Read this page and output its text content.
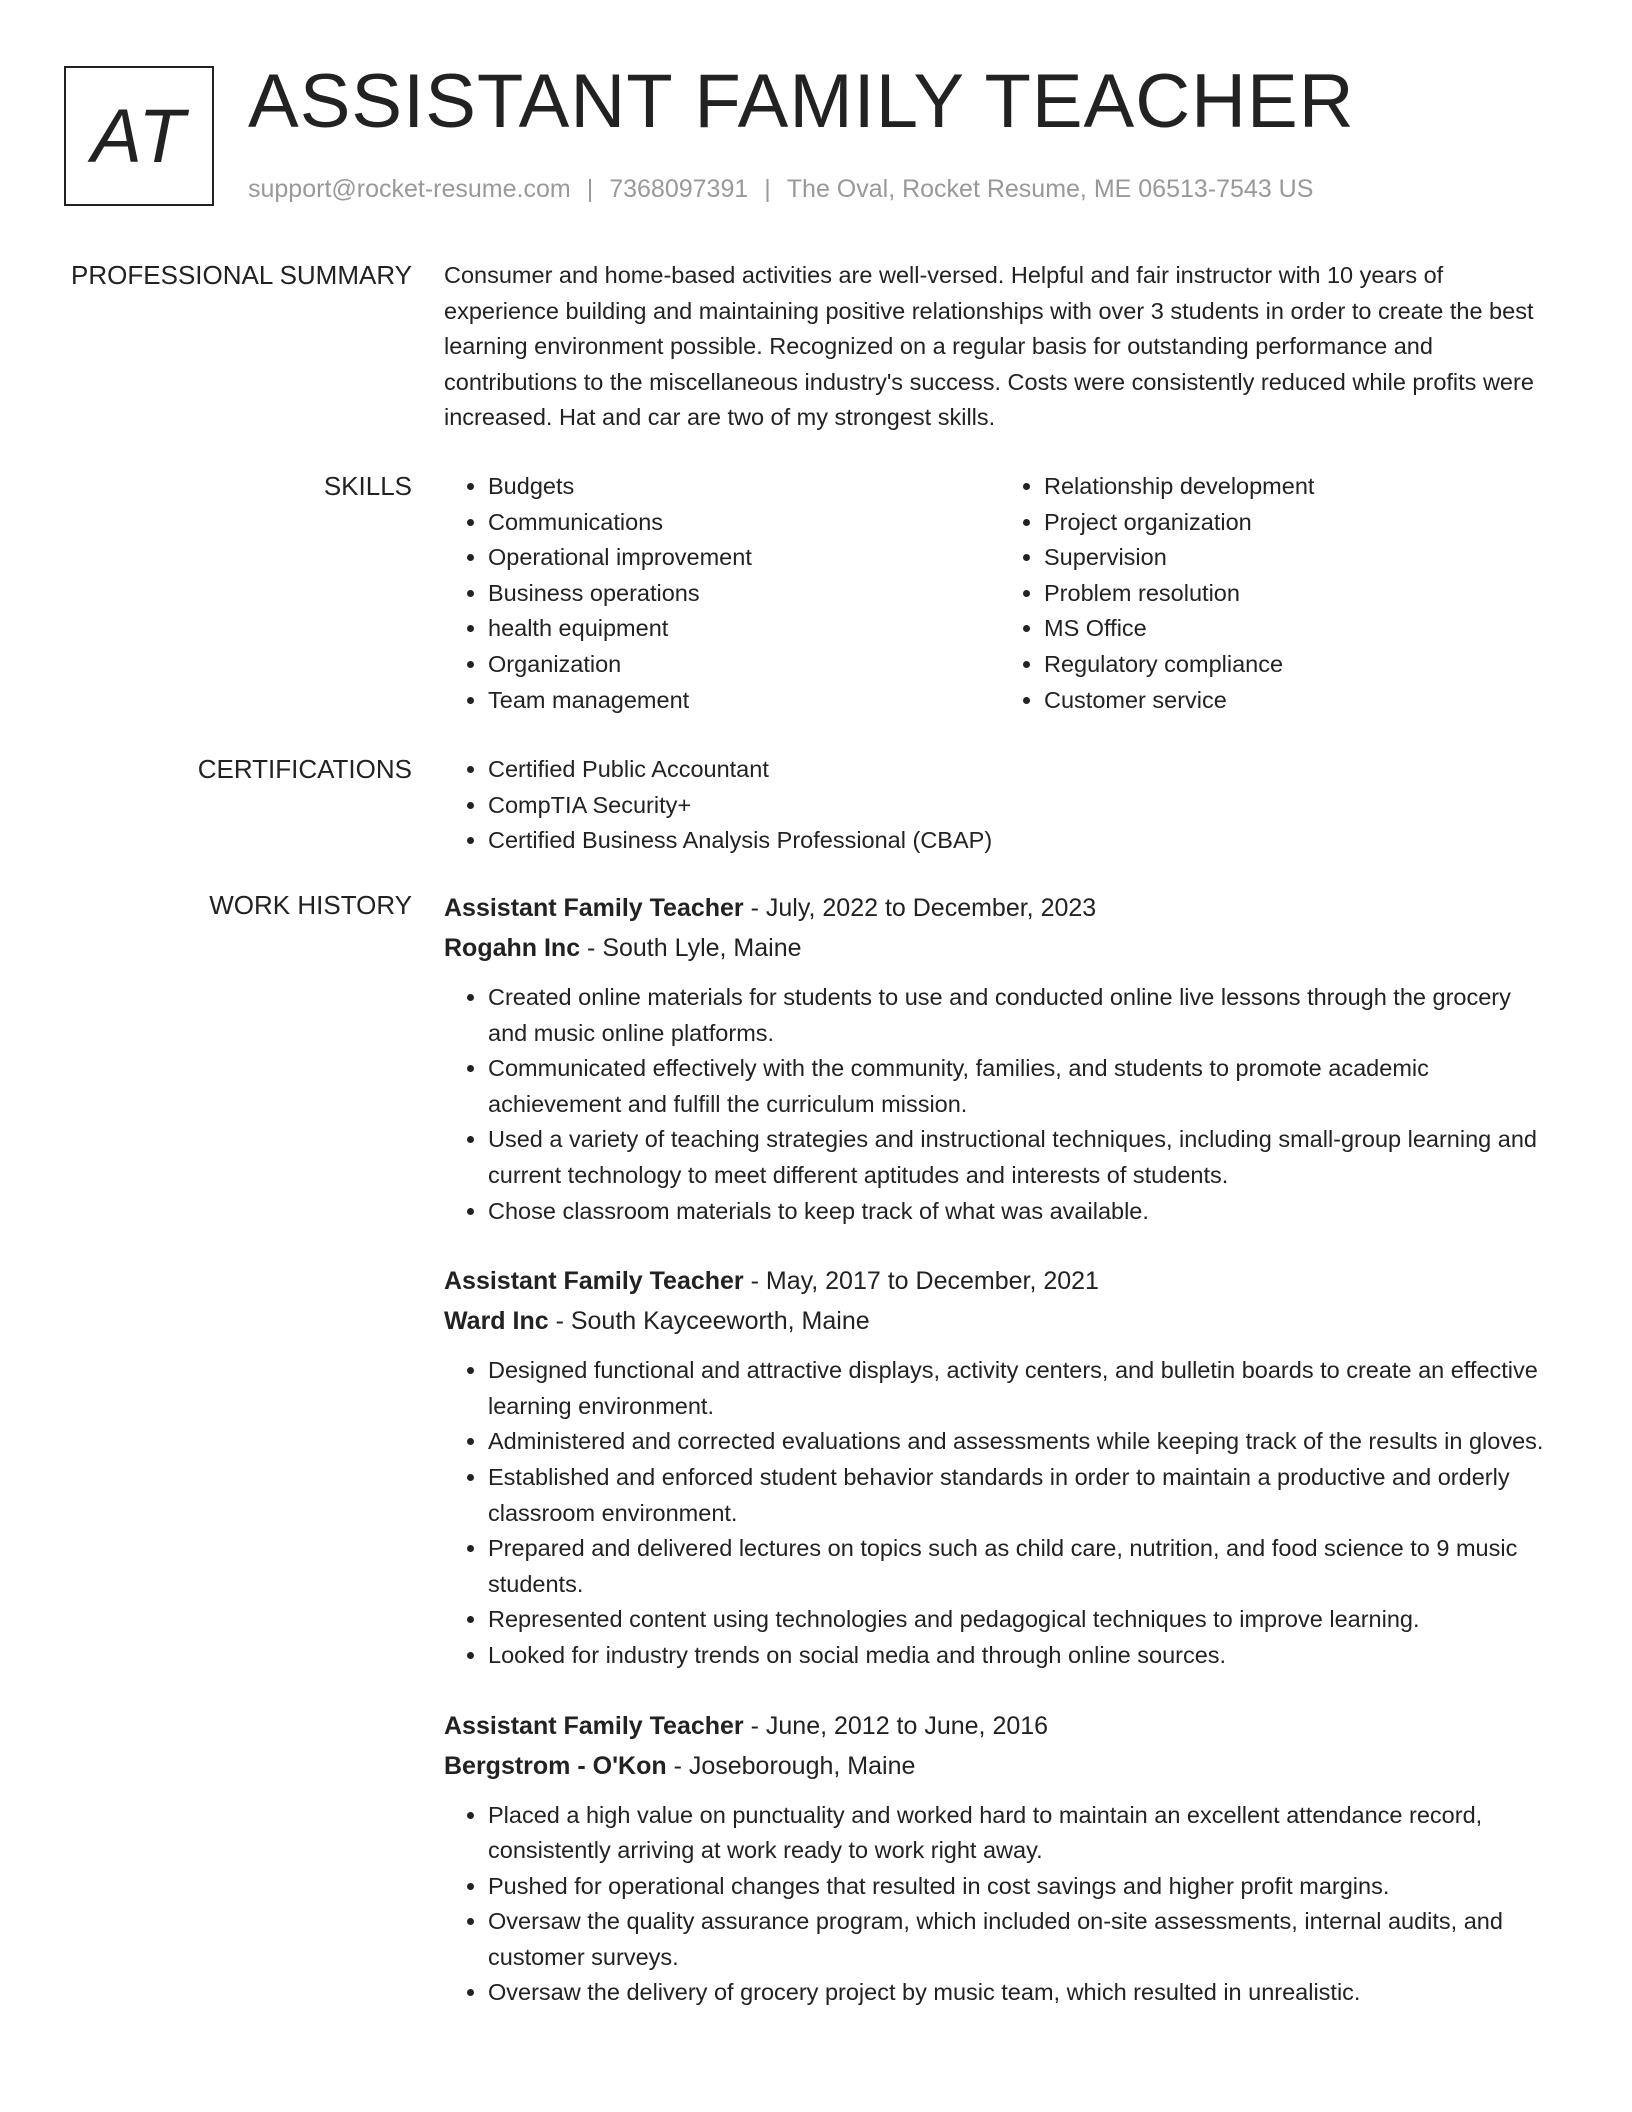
AT ASSISTANT FAMILY TEACHER
support@rocket-resume.com | 7368097391 | The Oval, Rocket Resume, ME 06513-7543 US
PROFESSIONAL SUMMARY Consumer and home-based activities are well-versed. Helpful and fair instructor with 10 years of experience building and maintaining positive relationships with over 3 students in order to create the best learning environment possible. Recognized on a regular basis for outstanding performance and contributions to the miscellaneous industry's success. Costs were consistently reduced while profits were increased. Hat and car are two of my strongest skills.

SKILLS	• Budgets
• Communications
• Operational improvement
• Business operations
• health equipment
• Organization
• Team management
• Relationship development
• Project organization
• Supervision
• Problem resolution
• MS Office
• Regulatory compliance
• Customer service
CERTIFICATIONS	• Certified Public Accountant
• CompTIA Security+
• Certified Business Analysis Professional (CBAP)
WORK HISTORY Assistant Family Teacher - July, 2022 to December, 2023
Rogahn Inc - South Lyle, Maine
• Created online materials for students to use and conducted online live lessons through the grocery and music online platforms.
• Communicated effectively with the community, families, and students to promote academic achievement and fulfill the curriculum mission.
• Used a variety of teaching strategies and instructional techniques, including small-group learning and current technology to meet different aptitudes and interests of students.
• Chose classroom materials to keep track of what was available.
Assistant Family Teacher - May, 2017 to December, 2021
Ward Inc - South Kayceeworth, Maine
• Designed functional and attractive displays, activity centers, and bulletin boards to create an effective learning environment.
• Administered and corrected evaluations and assessments while keeping track of the results in gloves.
• Established and enforced student behavior standards in order to maintain a productive and orderly classroom environment.
• Prepared and delivered lectures on topics such as child care, nutrition, and food science to 9 music students.
• Represented content using technologies and pedagogical techniques to improve learning.
• Looked for industry trends on social media and through online sources.
Assistant Family Teacher - June, 2012 to June, 2016
Bergstrom - O'Kon - Joseborough, Maine
• Placed a high value on punctuality and worked hard to maintain an excellent attendance record, consistently arriving at work ready to work right away.
• Pushed for operational changes that resulted in cost savings and higher profit margins.
• Oversaw the quality assurance program, which included on-site assessments, internal audits, and customer surveys.
• Oversaw the delivery of grocery project by music team, which resulted in unrealistic.
